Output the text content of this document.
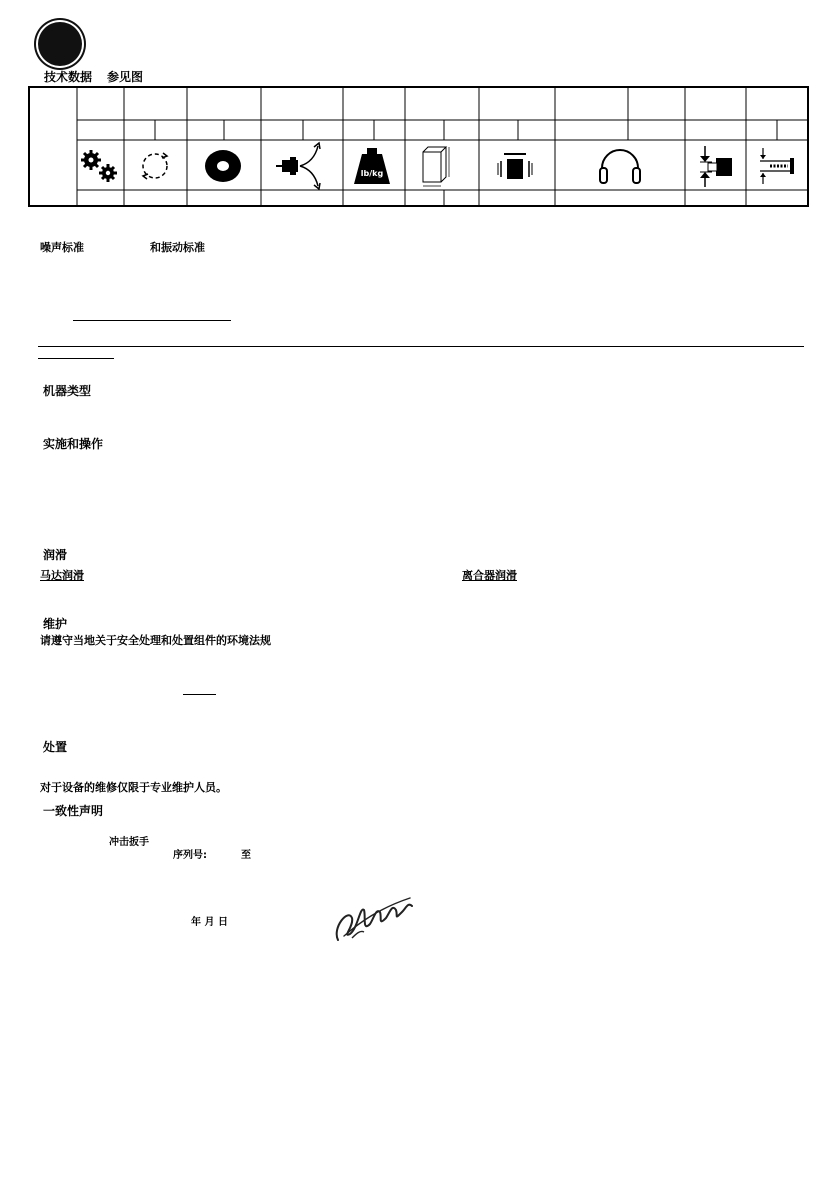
技术数据 参见图
lb/kg
噪声标准	和振动标准
机器类型
实施和操作
润滑
马达润滑	离合器润滑
维护
请遵守当地关于安全处理和处置组件的环境法规
处置
对于设备的维修仅限于专业维护人员。
一致性声明
冲击扳手
序列号:	至
年 月 日
